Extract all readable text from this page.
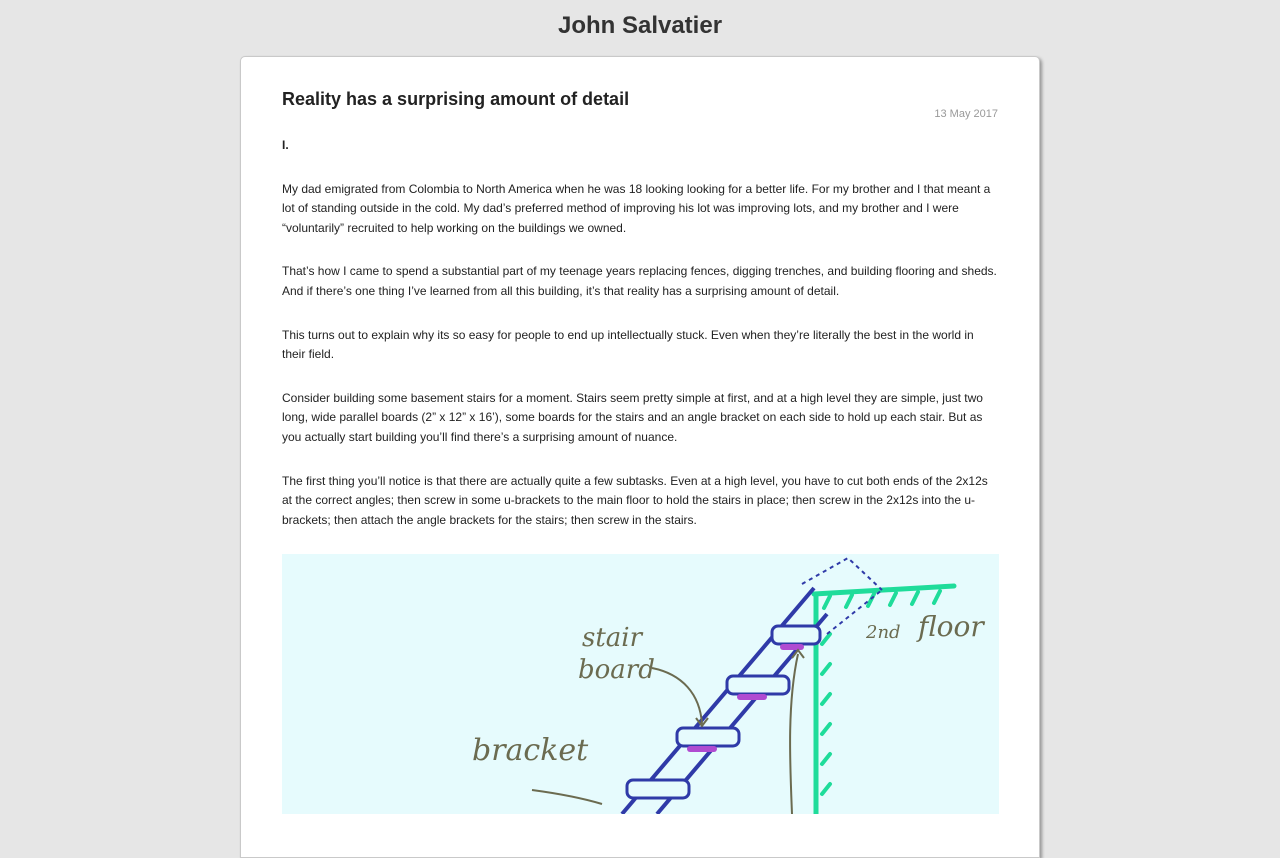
John Salvatier
Reality has a surprising amount of detail
13 May 2017
I.

My dad emigrated from Colombia to North America when he was 18 looking looking for a better life. For my brother and I that meant a lot of standing outside in the cold. My dad’s preferred method of improving his lot was improving lots, and my brother and I were “voluntarily” recruited to help working on the buildings we owned.

That’s how I came to spend a substantial part of my teenage years replacing fences, digging trenches, and building flooring and sheds. And if there’s one thing I’ve learned from all this building, it’s that reality has a surprising amount of detail.

This turns out to explain why its so easy for people to end up intellectually stuck. Even when they’re literally the best in the world in their field.

Consider building some basement stairs for a moment. Stairs seem pretty simple at first, and at a high level they are simple, just two long, wide parallel boards (2” x 12” x 16’), some boards for the stairs and an angle bracket on each side to hold up each stair. But as you actually start building you’ll find there’s a surprising amount of nuance.

The first thing you’ll notice is that there are actually quite a few subtasks. Even at a high level, you have to cut both ends of the 2x12s at the correct angles; then screw in some u-brackets to the main floor to hold the stairs in place; then screw in the 2x12s into the u-brackets; then attach the angle brackets for the stairs; then screw in the stairs.

stair
board
bracket
2nd floor
